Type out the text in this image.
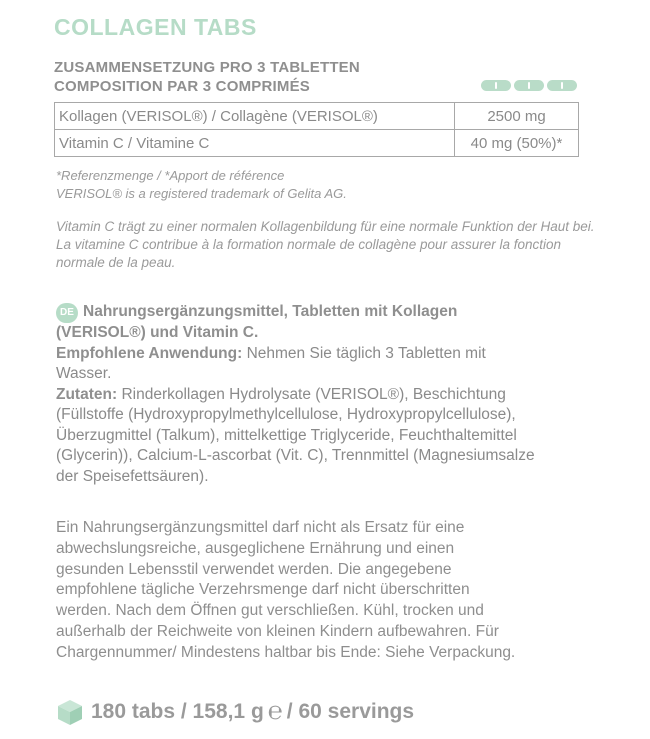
COLLAGEN TABS
ZUSAMMENSETZUNG PRO 3 TABLETTEN
COMPOSITION PAR 3 COMPRIMÉS
Kollagen (VERISOL®) / Collagène (VERISOL®)	2500 mg
Vitamin C / Vitamine C	40 mg (50%)*
*Referenzmenge / *Apport de référence
VERISOL® is a registered trademark of Gelita AG.
Vitamin C trägt zu einer normalen Kollagenbildung für eine normale Funktion der Haut bei.
La vitamine C contribue à la formation normale de collagène pour assurer la fonction normale de la peau.

DE Nahrungsergänzungsmittel, Tabletten mit Kollagen (VERISOL®) und Vitamin C.

Empfohlene Anwendung: Nehmen Sie täglich 3 Tabletten mit Wasser.

Zutaten: Rinderkollagen Hydrolysate (VERISOL®), Beschichtung (Füllstoffe (Hydroxypropylmethylcellulose, Hydroxypropylcellulose), Überzugmittel (Talkum), mittelkettige Triglyceride, Feuchthaltemittel (Glycerin)), Calcium-L-ascorbat (Vit. C), Trennmittel (Magnesiumsalze der Speisefettsäuren).

Ein Nahrungsergänzungsmittel darf nicht als Ersatz für eine abwechslungsreiche, ausgeglichene Ernährung und einen gesunden Lebensstil verwendet werden. Die angegebene empfohlene tägliche Verzehrsmenge darf nicht überschritten werden. Nach dem Öffnen gut verschließen. Kühl, trocken und außerhalb der Reichweite von kleinen Kindern aufbewahren. Für Chargennummer/ Mindestens haltbar bis Ende: Siehe Verpackung.
180 tabs / 158,1 g ℮ / 60 servings
